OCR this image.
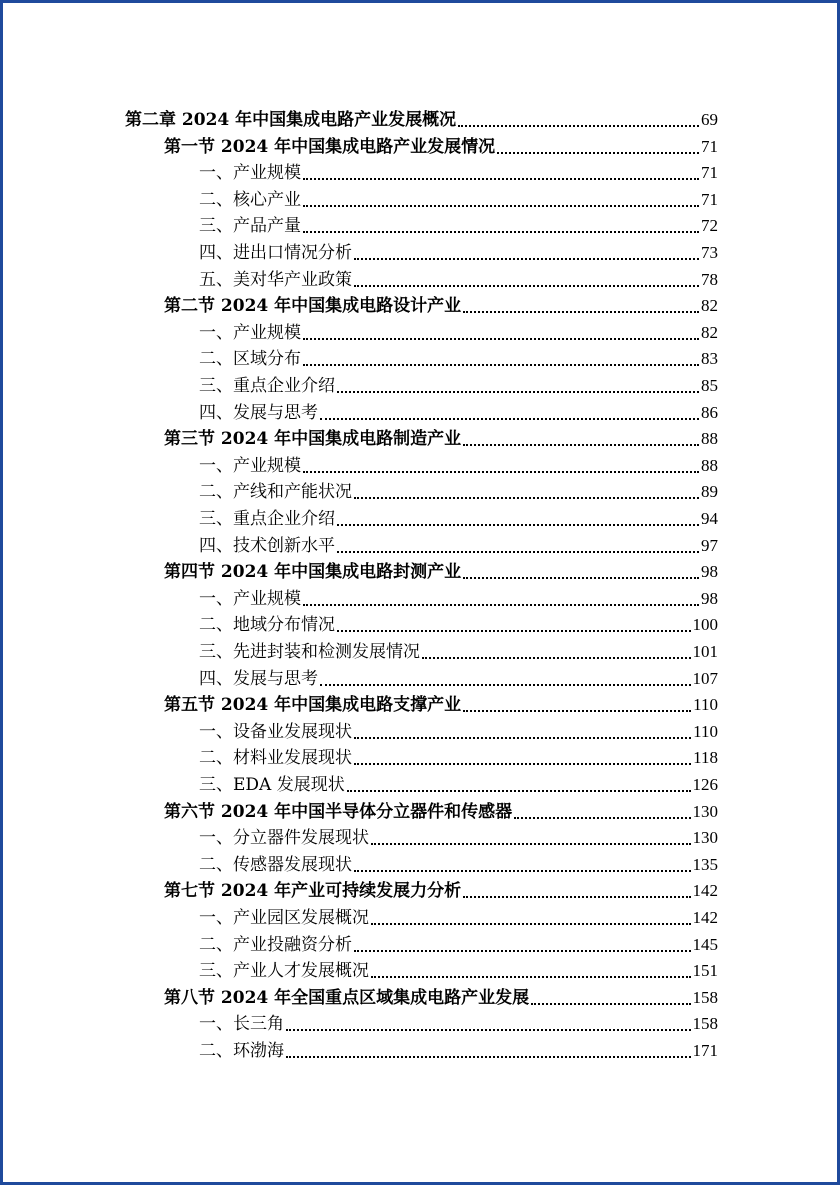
第二章 2024 年中国集成电路产业发展概况	69
第一节 2024 年中国集成电路产业发展情况	71
一、产业规模	71
二、核心产业	71
三、产品产量	72
四、进出口情况分析	73
五、美对华产业政策	78
第二节 2024 年中国集成电路设计产业	82
一、产业规模	82
二、区域分布	83
三、重点企业介绍	85
四、发展与思考	86
第三节 2024 年中国集成电路制造产业	88
一、产业规模	88
二、产线和产能状况	89
三、重点企业介绍	94
四、技术创新水平	97
第四节 2024 年中国集成电路封测产业	98
一、产业规模	98
二、地域分布情况	100
三、先进封装和检测发展情况	101
四、发展与思考	107
第五节 2024 年中国集成电路支撑产业	110
一、设备业发展现状	110
二、材料业发展现状	118
三、EDA 发展现状	126
第六节 2024 年中国半导体分立器件和传感器	130
一、分立器件发展现状	130
二、传感器发展现状	135
第七节 2024 年产业可持续发展力分析	142
一、产业园区发展概况	142
二、产业投融资分析	145
三、产业人才发展概况	151
第八节 2024 年全国重点区域集成电路产业发展	158
一、长三角	158
二、环渤海	171
